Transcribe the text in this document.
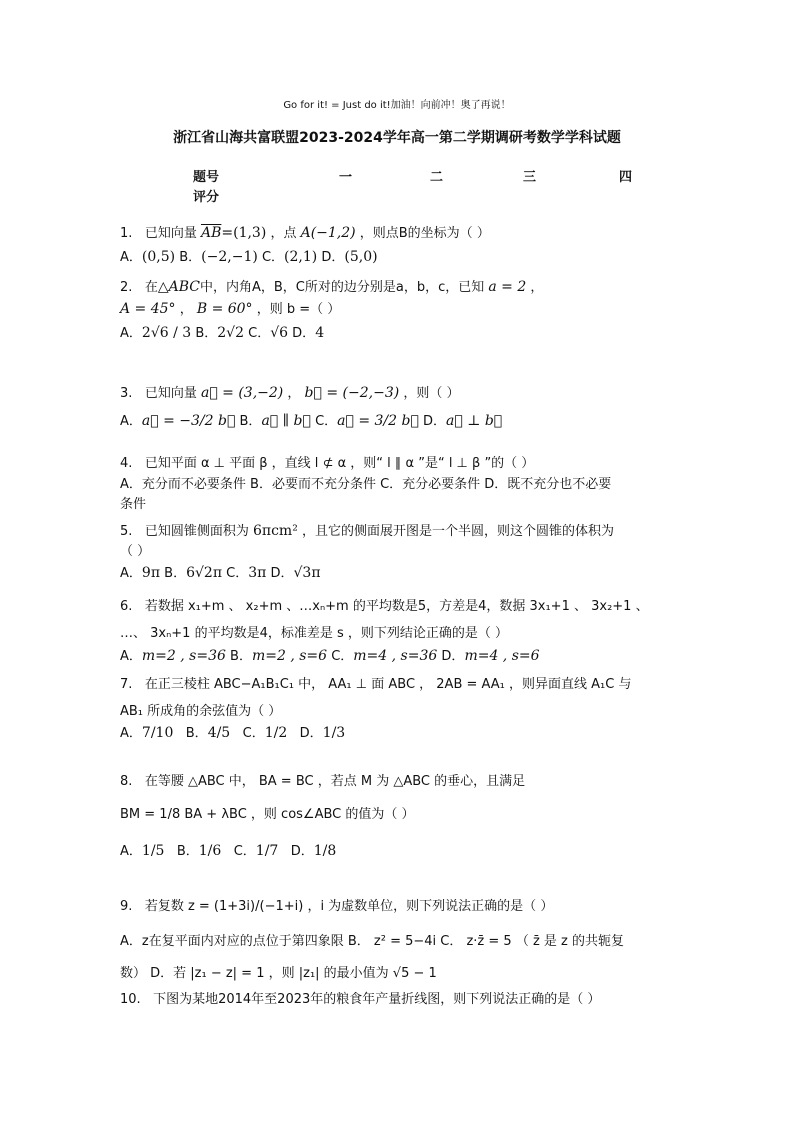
Go for it! = Just do it!加油！向前冲！奥了再说！
浙江省山海共富联盟2023-2024学年高一第二学期调研考数学学科试题
题号	一	二	三	四
评分
1. 已知向量 $\overline{AB}=(1,3)$ ，点 A(−1,2) ，则点B的坐标为（ ）
A．(0,5) B．(−2,−1) C．(2,1) D．(5,0)
2. 在△ABC中，内角A，B，C所对的边分别是a，b，c，已知 a = 2 ，
A = 45° ， B = 60° ，则 b =（ ）
A．2√6 / 3 B．2√2 C．√6 D．4
3. 已知向量 a⃗ = (3,−2) ， b⃗ = (−2,−3) ，则（ ）
A．a⃗ = −3/2 b⃗ B．a⃗ ∥ b⃗ C．a⃗ = 3/2 b⃗ D．a⃗ ⊥ b⃗
4. 已知平面 α ⊥ 平面 β ，直线 l ⊄ α ，则“ l ∥ α ”是“ l ⊥ β ”的（ ）
A．充分而不必要条件 B．必要而不充分条件 C．充分必要条件 D．既不充分也不必要
条件
5. 已知圆锥侧面积为 6πcm² ，且它的侧面展开图是一个半圆，则这个圆锥的体积为
（ ）
A．9π B．6√2π C．3π D．√3π
6. 若数据 x₁+m 、 x₂+m 、…xₙ+m 的平均数是5，方差是4，数据 3x₁+1 、 3x₂+1 、
…、 3xₙ+1 的平均数是4，标准差是 s ，则下列结论正确的是（ ）
A．m=2 , s=36 B．m=2 , s=6 C．m=4 , s=36 D．m=4 , s=6
7. 在正三棱柱 ABC−A₁B₁C₁ 中， AA₁ ⊥ 面 ABC ， 2AB = AA₁ ，则异面直线 A₁C 与
AB₁ 所成角的余弦值为（ ）
A．7/10 B．4/5 C．1/2 D．1/3
8. 在等腰 △ABC 中， BA = BC ，若点 M 为 △ABC 的垂心，且满足
BM = 1/8 BA + λBC ，则 cos∠ABC 的值为（ ）
A．1/5 B．1/6 C．1/7 D．1/8
9. 若复数 z = (1+3i)/(−1+i) ，i 为虚数单位，则下列说法正确的是（ ）
A．z在复平面内对应的点位于第四象限 B． z² = 5−4i C． z·z̄ = 5 （ z̄ 是 z 的共轭复
数） D．若 |z₁ − z| = 1 ，则 |z₁| 的最小值为 √5 − 1
10. 下图为某地2014年至2023年的粮食年产量折线图，则下列说法正确的是（ ）
